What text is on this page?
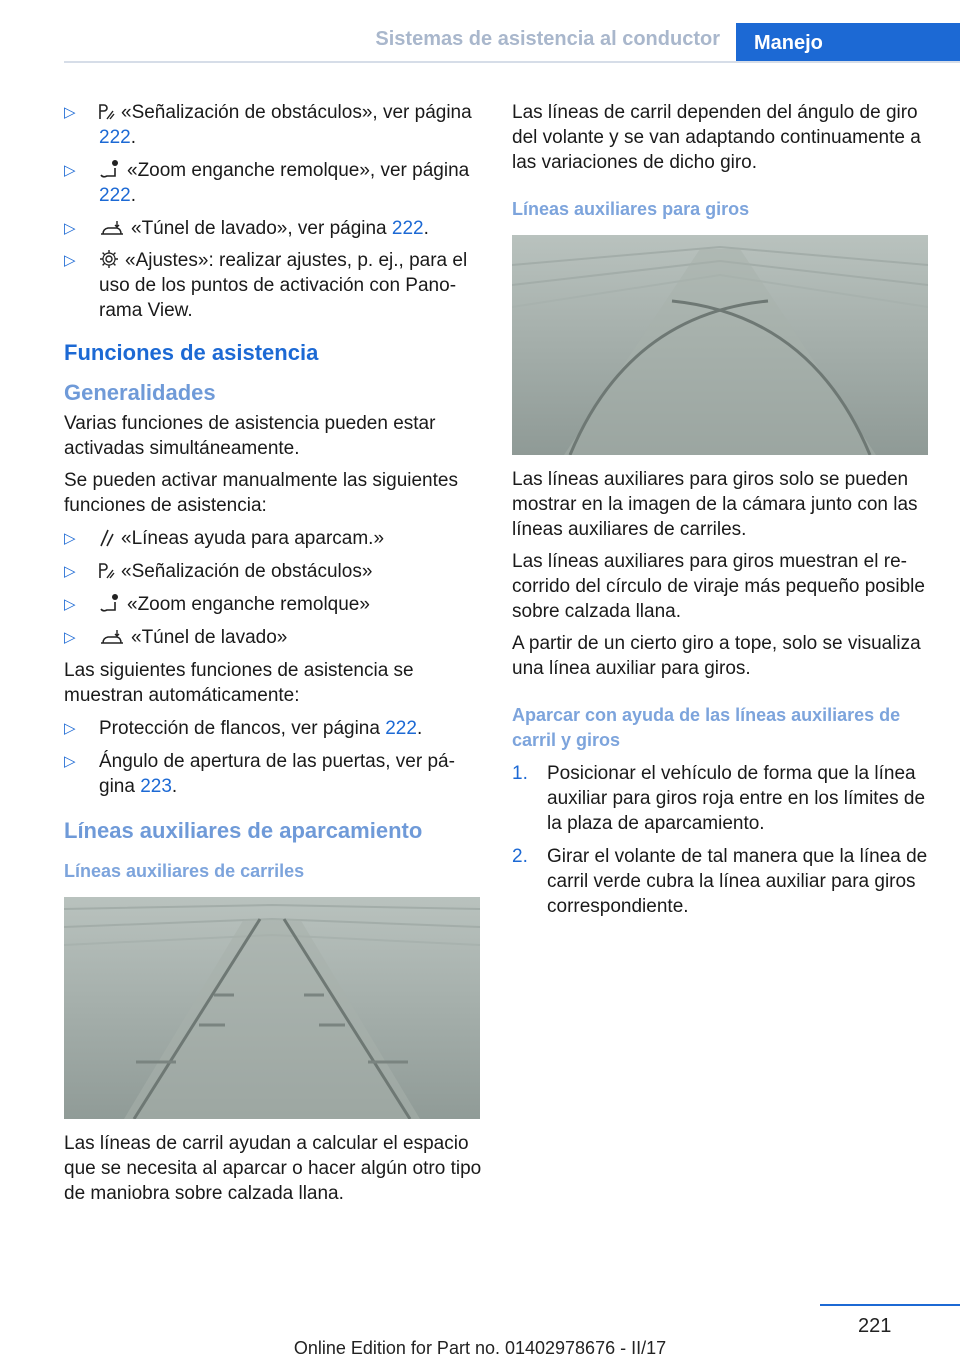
Sistemas de asistencia al conductor	Manejo
▷ «Señalización de obstáculos», ver página 222.
▷	«Zoom enganche remolque», ver página 222.
▷	«Túnel de lavado», ver página 222.
▷	«Ajustes»: realizar ajustes, p. ej., para el uso de los puntos de activación con Panorama View.
Funciones de asistencia
Generalidades

Varias funciones de asistencia pueden estar activadas simultáneamente.

Se pueden activar manualmente las siguientes funciones de asistencia:

▷ «Líneas ayuda para aparcam.»
▷ «Señalización de obstáculos»
▷	«Zoom enganche remolque»
▷	«Túnel de lavado»

Las siguientes funciones de asistencia se muestran automáticamente:

▷ Protección de flancos, ver página 222.
▷ Ángulo de apertura de las puertas, ver página 223.
Líneas auxiliares de aparcamiento
Líneas auxiliares de carriles

Las líneas de carril ayudan a calcular el espacio que se necesita al aparcar o hacer algún otro tipo de maniobra sobre calzada llana.

Las líneas de carril dependen del ángulo de giro del volante y se van adaptando continuamente a las variaciones de dicho giro.

Líneas auxiliares para giros

Las líneas auxiliares para giros solo se pueden mostrar en la imagen de la cámara junto con las líneas auxiliares de carriles.

Las líneas auxiliares para giros muestran el recorrido del círculo de viraje más pequeño posible sobre calzada llana.

A partir de un cierto giro a tope, solo se visualiza una línea auxiliar para giros.

Aparcar con ayuda de las líneas auxiliares de carril y giros
1. Posicionar el vehículo de forma que la línea auxiliar para giros roja entre en los límites de la plaza de aparcamiento.
2. Girar el volante de tal manera que la línea de carril verde cubra la línea auxiliar para giros correspondiente.
221
Online Edition for Part no. 01402978676 - II/17
